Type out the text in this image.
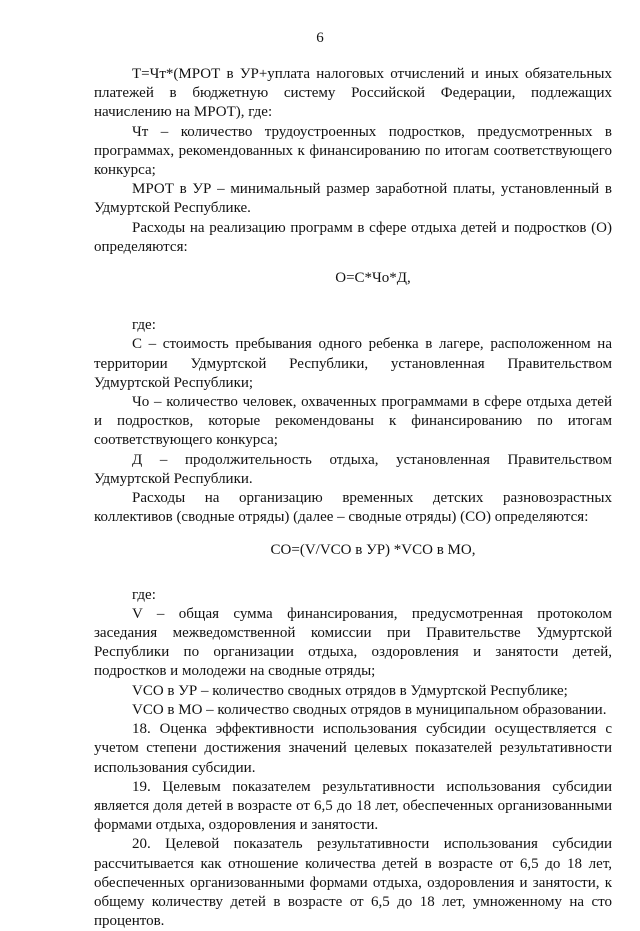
6

Т=Чт*(МРОТ в УР+уплата налоговых отчислений и иных обязательных платежей в бюджетную систему Российской Федерации, подлежащих начислению на МРОТ), где:

Чт – количество трудоустроенных подростков, предусмотренных в программах, рекомендованных к финансированию по итогам соответствующего конкурса;

МРОТ в УР – минимальный размер заработной платы, установленный в Удмуртской Республике.

Расходы на реализацию программ в сфере отдыха детей и подростков (О) определяются:

О=С*Чо*Д,

где:

С – стоимость пребывания одного ребенка в лагере, расположенном на территории Удмуртской Республики, установленная Правительством Удмуртской Республики;

Чо – количество человек, охваченных программами в сфере отдыха детей и подростков, которые рекомендованы к финансированию по итогам соответствующего конкурса;

Д – продолжительность отдыха, установленная Правительством Удмуртской Республики.

Расходы на организацию временных детских разновозрастных коллективов (сводные отряды) (далее – сводные отряды) (СО) определяются:

СО=(V/VСО в УР) *VСО в МО,

где:

V – общая сумма финансирования, предусмотренная протоколом заседания межведомственной комиссии при Правительстве Удмуртской Республики по организации отдыха, оздоровления и занятости детей, подростков и молодежи на сводные отряды;

VСО в УР – количество сводных отрядов в Удмуртской Республике;

VСО в МО – количество сводных отрядов в муниципальном образовании.

18. Оценка эффективности использования субсидии осуществляется с учетом степени достижения значений целевых показателей результативности использования субсидии.

19. Целевым показателем результативности использования субсидии является доля детей в возрасте от 6,5 до 18 лет, обеспеченных организованными формами отдыха, оздоровления и занятости.

20. Целевой показатель результативности использования субсидии рассчитывается как отношение количества детей в возрасте от 6,5 до 18 лет, обеспеченных организованными формами отдыха, оздоровления и занятости, к общему количеству детей в возрасте от 6,5 до 18 лет, умноженному на сто процентов.
